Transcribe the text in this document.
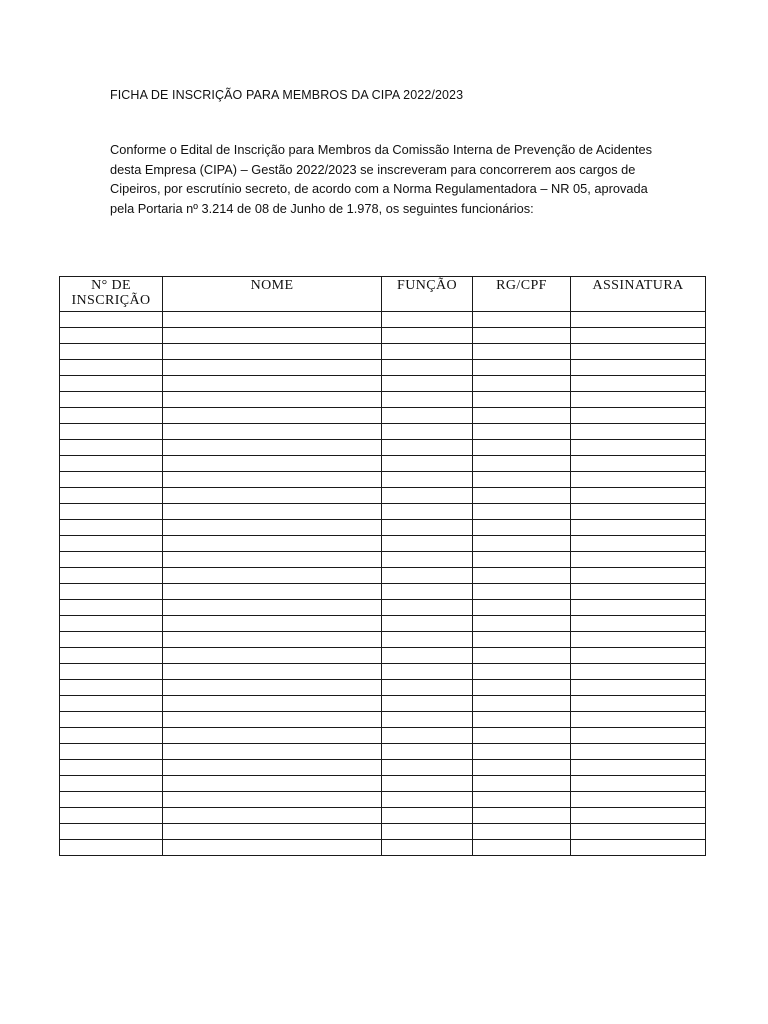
FICHA DE INSCRIÇÃO PARA MEMBROS DA CIPA 2022/2023
Conforme o Edital de Inscrição para Membros da Comissão Interna de Prevenção de Acidentes
desta Empresa (CIPA) – Gestão 2022/2023 se inscreveram para concorrerem aos cargos de
Cipeiros, por escrutínio secreto, de acordo com a Norma Regulamentadora – NR 05, aprovada
pela Portaria nº 3.214 de 08 de Junho de 1.978, os seguintes funcionários:
N° DE
INSCRIÇÃO	NOME	FUNÇÃO	RG/CPF	ASSINATURA
